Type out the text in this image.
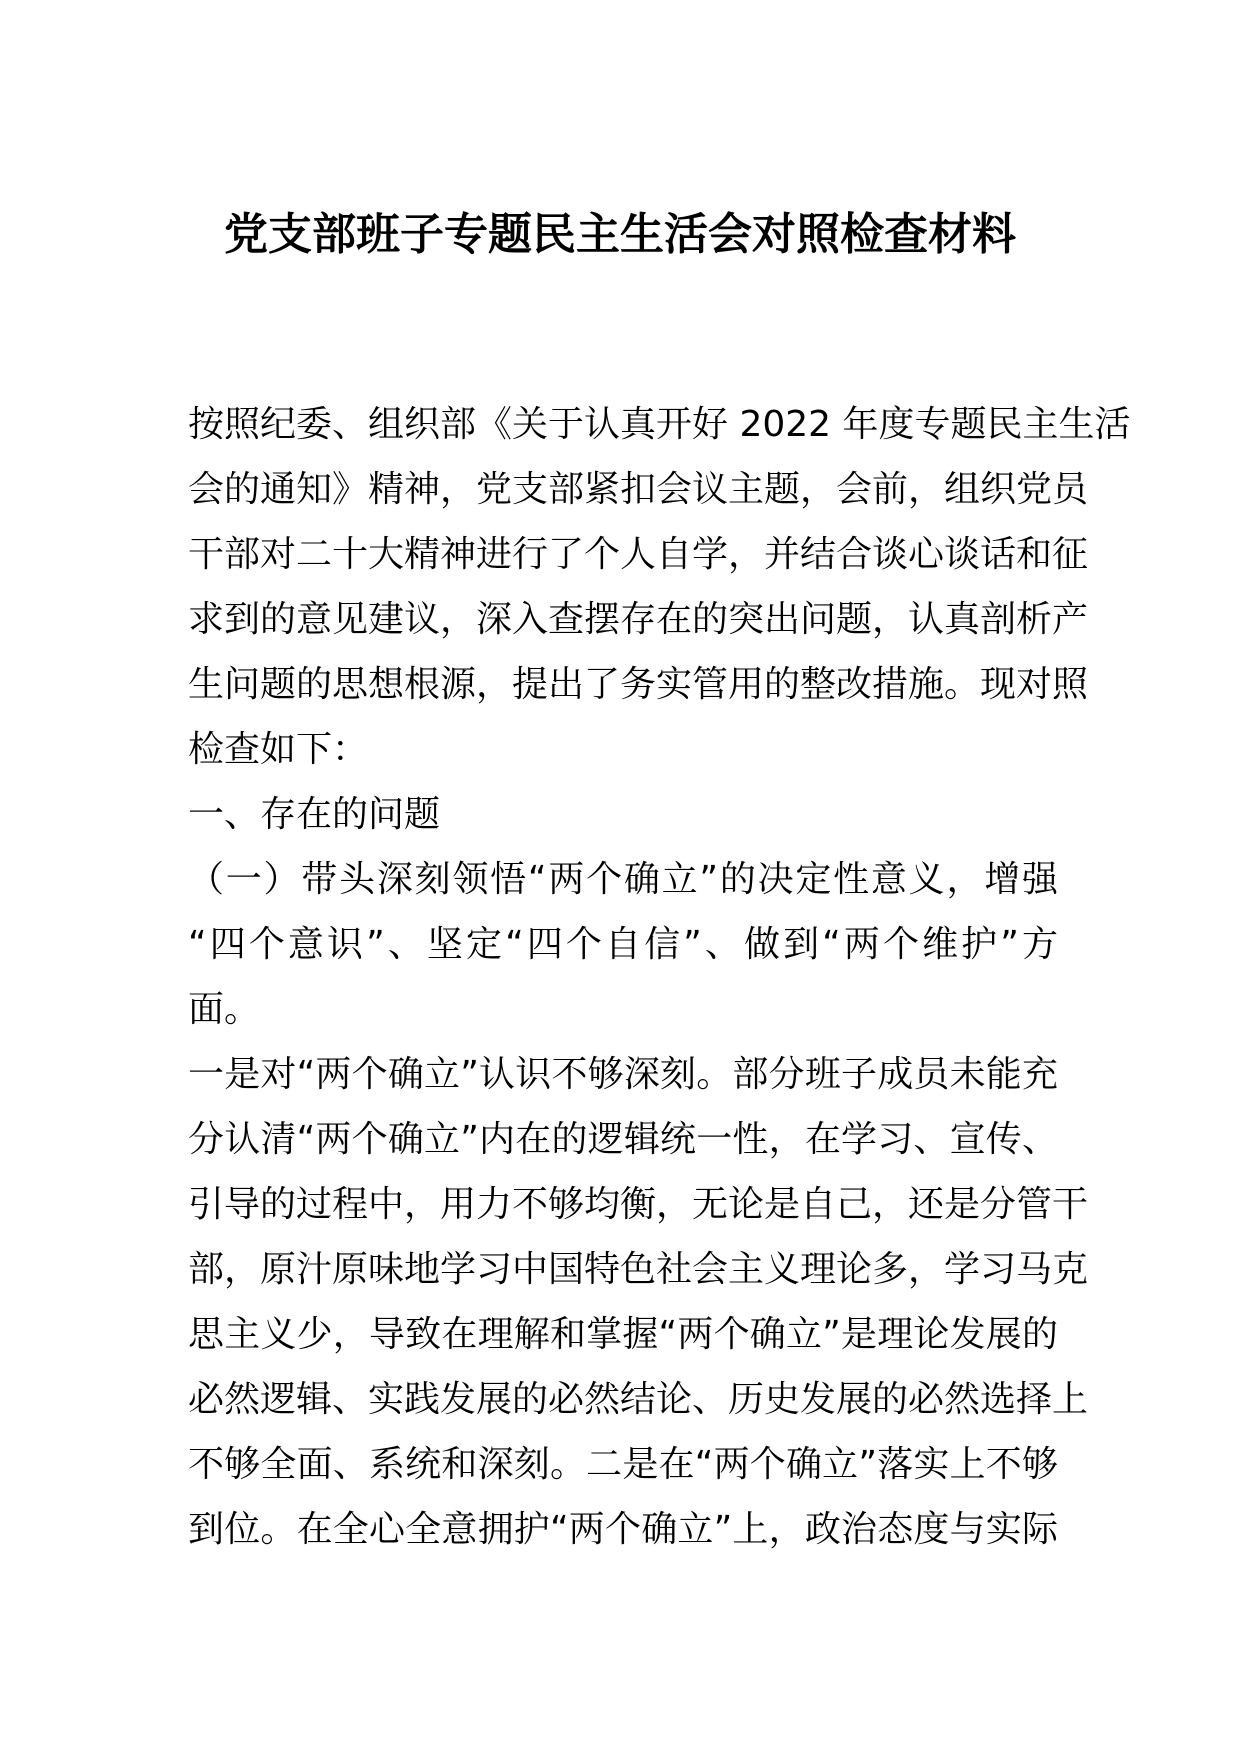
党支部班子专题民主生活会对照检查材料
按照纪委、组织部《关于认真开好 2022 年度专题民主生活
会的通知》精神，党支部紧扣会议主题，会前，组织党员
干部对二十大精神进行了个人自学，并结合谈心谈话和征
求到的意见建议，深入查摆存在的突出问题，认真剖析产
生问题的思想根源，提出了务实管用的整改措施。现对照
检查如下：
一、存在的问题
（一）带头深刻领悟“两个确立”的决定性意义，增强
“四个意识”、坚定“四个自信”、做到“两个维护”方
面。
一是对“两个确立”认识不够深刻。部分班子成员未能充
分认清“两个确立”内在的逻辑统一性，在学习、宣传、
引导的过程中，用力不够均衡，无论是自己，还是分管干
部，原汁原味地学习中国特色社会主义理论多，学习马克
思主义少，导致在理解和掌握“两个确立”是理论发展的
必然逻辑、实践发展的必然结论、历史发展的必然选择上
不够全面、系统和深刻。二是在“两个确立”落实上不够
到位。在全心全意拥护“两个确立”上，政治态度与实际
